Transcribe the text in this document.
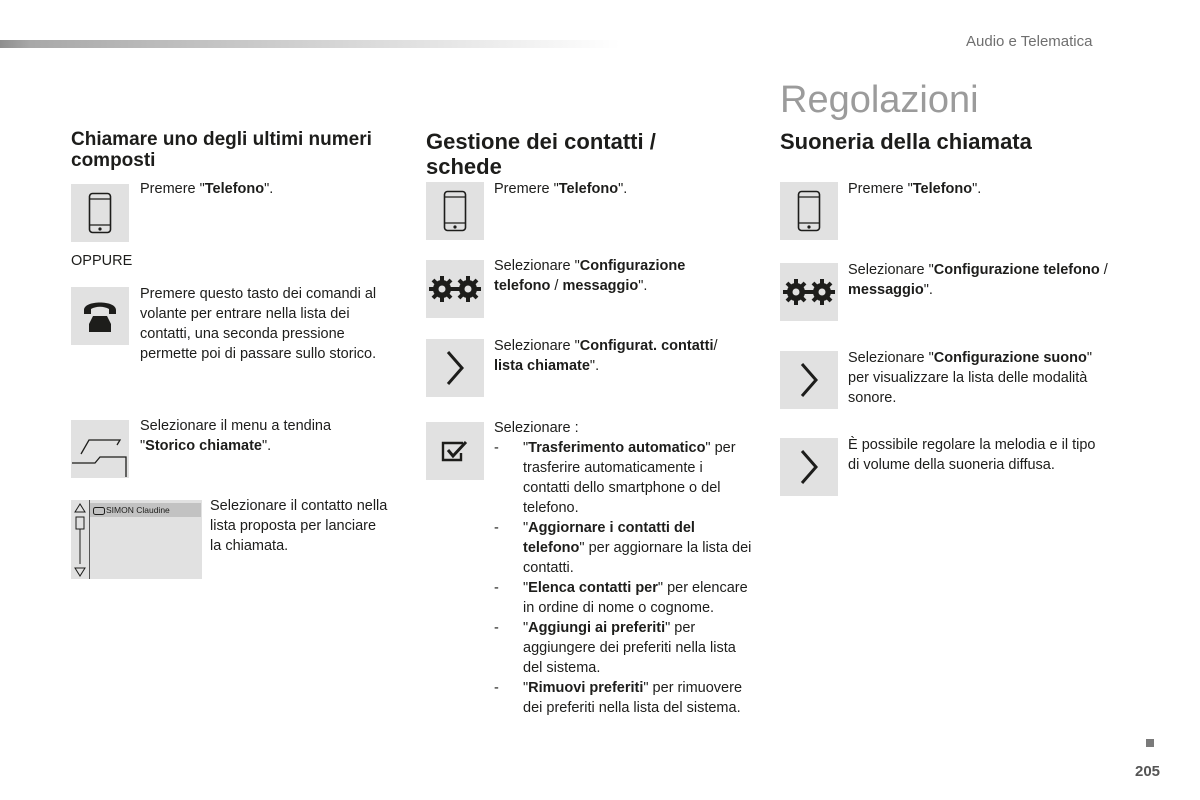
Audio e Telematica
Regolazioni
Chiamare uno degli ultimi numeri composti
Premere "Telefono".
OPPURE
Premere questo tasto dei comandi al volante per entrare nella lista dei contatti, una seconda pressione permette poi di passare sullo storico.
Selezionare il menu a tendina "Storico chiamate".
SIMON Claudine	Selezionare il contatto nella lista proposta per lanciare la chiamata.
Gestione dei contatti / schede
Premere "Telefono".
Selezionare "Configurazione telefono / messaggio".
Selezionare "Configurat. contatti/ lista chiamate".
Selezionare :
- "Trasferimento automatico" per trasferire automaticamente i contatti dello smartphone o del telefono.
- "Aggiornare i contatti del telefono" per aggiornare la lista dei contatti.
- "Elenca contatti per" per elencare in ordine di nome o cognome.
- "Aggiungi ai preferiti" per aggiungere dei preferiti nella lista del sistema.
- "Rimuovi preferiti" per rimuovere dei preferiti nella lista del sistema.
Suoneria della chiamata
Premere "Telefono".
Selezionare "Configurazione telefono / messaggio".
Selezionare "Configurazione suono" per visualizzare la lista delle modalità sonore.
È possibile regolare la melodia e il tipo di volume della suoneria diffusa.
205
